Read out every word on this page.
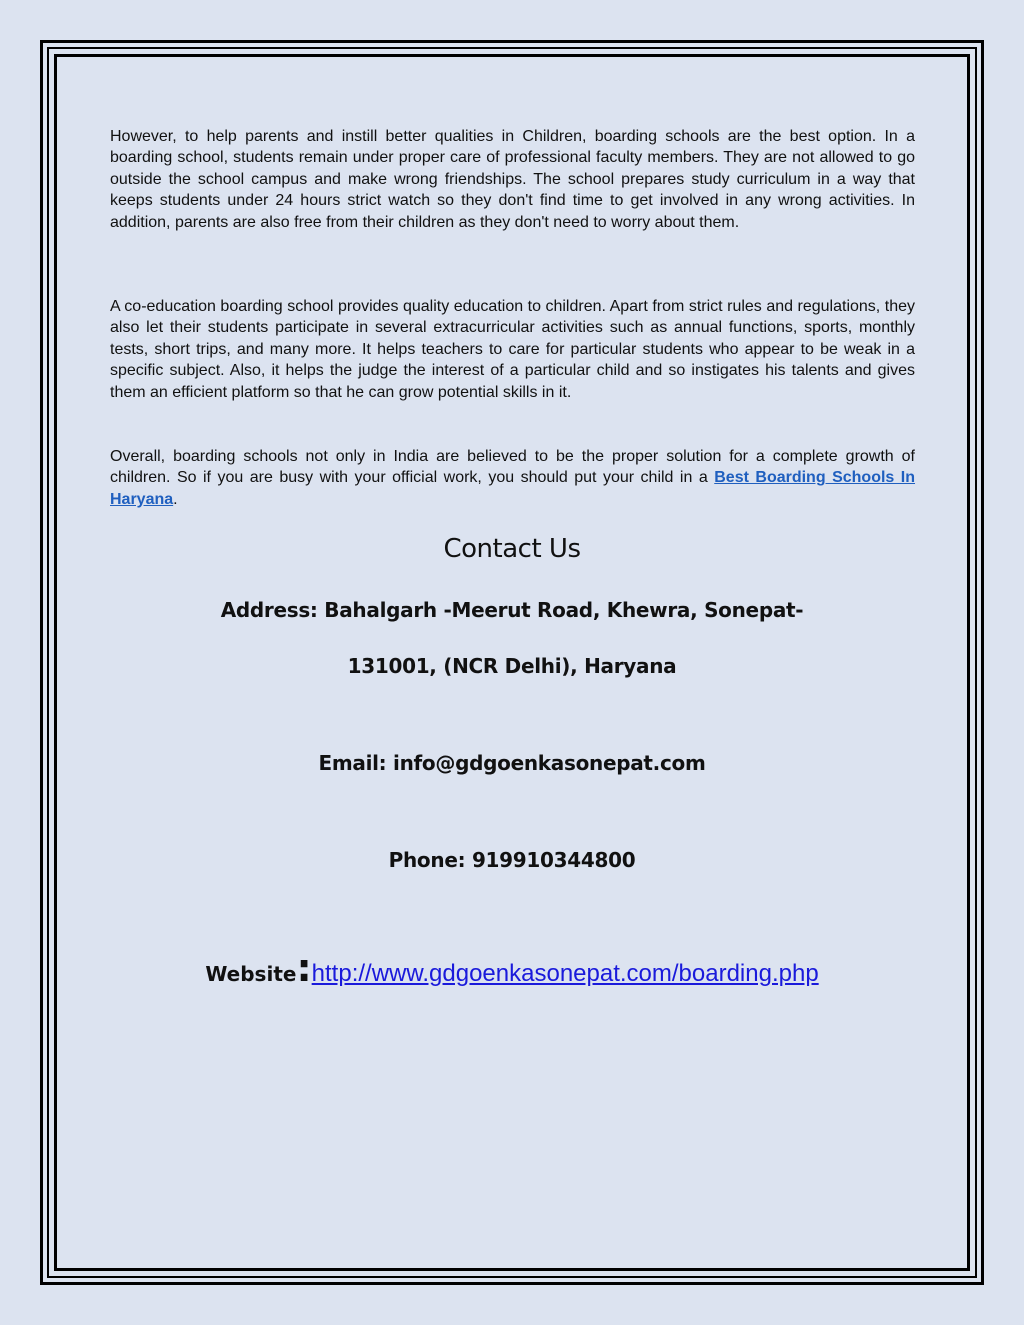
However, to help parents and instill better qualities in Children, boarding schools are the best option. In a boarding school, students remain under proper care of professional faculty members. They are not allowed to go outside the school campus and make wrong friendships. The school prepares study curriculum in a way that keeps students under 24 hours strict watch so they don't find time to get involved in any wrong activities. In addition, parents are also free from their children as they don't need to worry about them.

A co-education boarding school provides quality education to children. Apart from strict rules and regulations, they also let their students participate in several extracurricular activities such as annual functions, sports, monthly tests, short trips, and many more. It helps teachers to care for particular students who appear to be weak in a specific subject. Also, it helps the judge the interest of a particular child and so instigates his talents and gives them an efficient platform so that he can grow potential skills in it.

Overall, boarding schools not only in India are believed to be the proper solution for a complete growth of children. So if you are busy with your official work, you should put your child in a Best Boarding Schools In Haryana.

Contact Us
Address: Bahalgarh -Meerut Road, Khewra, Sonepat-
131001, (NCR Delhi), Haryana
Email: info@gdgoenkasonepat.com
Phone: 919910344800
Website:http://www.gdgoenkasonepat.com/boarding.php
